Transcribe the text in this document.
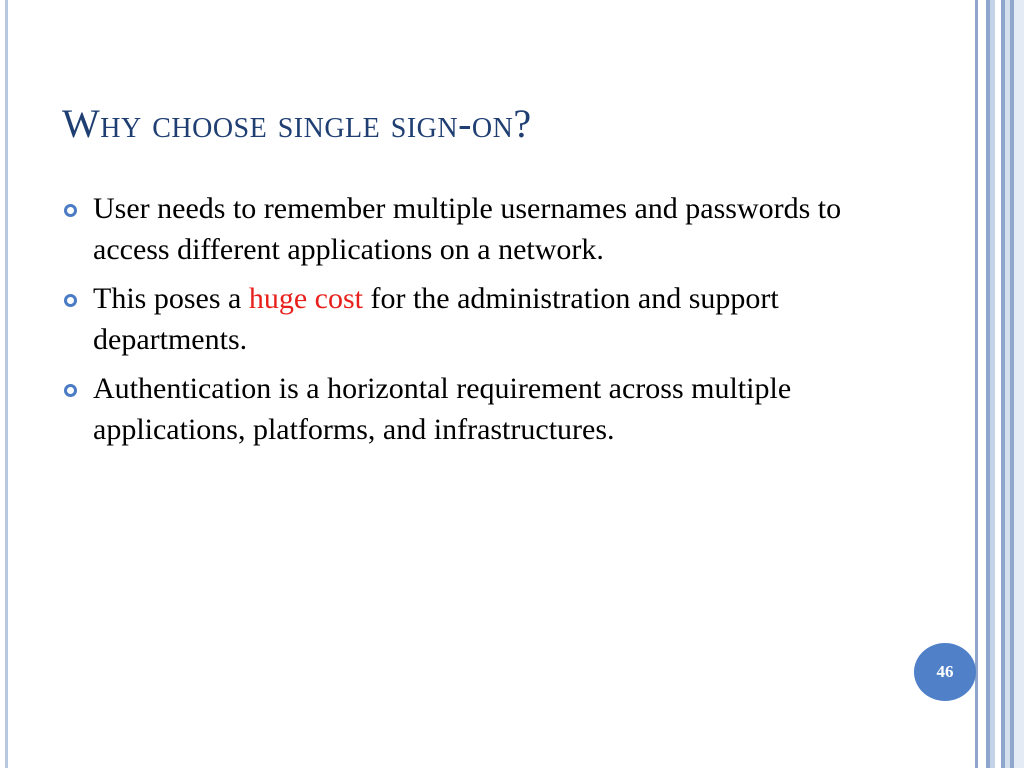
Why choose single sign-on?
User needs to remember multiple usernames and passwords to access different applications on a network.
This poses a huge cost for the administration and support departments.
Authentication is a horizontal requirement across multiple applications, platforms, and infrastructures.
46
